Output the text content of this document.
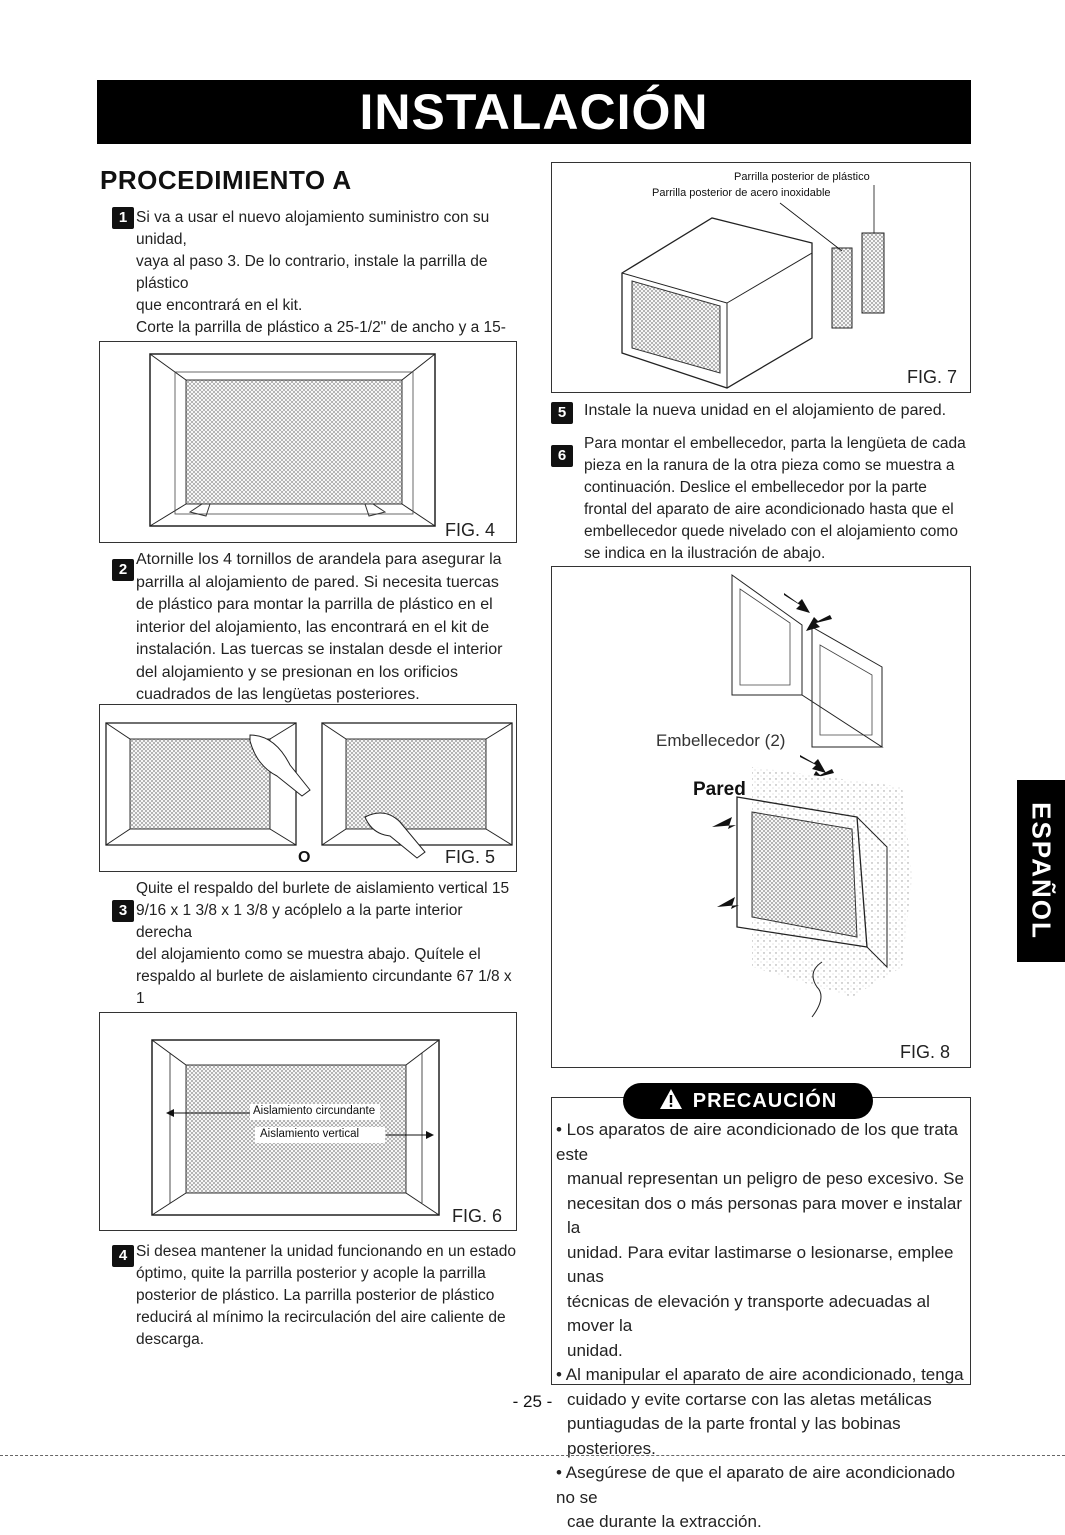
INSTALACIÓN
PROCEDIMIENTO A
1 Si va a usar el nuevo alojamiento suministro con su unidad,
vaya al paso 3. De lo contrario, instale la parrilla de plástico
que encontrará en el kit.
Corte la parrilla de plástico a 25-1/2" de ancho y a 15-
FIG. 4
2
Atornille los 4 tornillos de arandela para asegurar la
parrilla al alojamiento de pared. Si necesita tuercas
de plástico para montar la parrilla de plástico en el
interior del alojamiento, las encontrará en el kit de
instalación. Las tuercas se instalan desde el interior
del alojamiento y se presionan en los orificios
cuadrados de las lengüetas posteriores.
O	FIG. 5
3
Quite el respaldo del burlete de aislamiento vertical 15
9/16 x 1 3/8 x 1 3/8 y acóplelo a la parte interior derecha
del alojamiento como se muestra abajo. Quítele el
respaldo al burlete de aislamiento circundante 67 1/8 x 1
Aislamiento circundante
Aislamiento vertical
FIG. 6
4 Si desea mantener la unidad funcionando en un estado
óptimo, quite la parrilla posterior y acople la parrilla
posterior de plástico. La parrilla posterior de plástico
reducirá al mínimo la recirculación del aire caliente de
descarga.
Parrilla posterior de plástico
Parrilla posterior de acero inoxidable
FIG. 7
5	Instale la nueva unidad en el alojamiento de pared.
6
Para montar el embellecedor, parta la lengüeta de cada
pieza en la ranura de la otra pieza como se muestra a
continuación. Deslice el embellecedor por la parte
frontal del aparato de aire acondicionado hasta que el
embellecedor quede nivelado con el alojamiento como
se indica en la ilustración de abajo.
Embellecedor (2)
Pared
FIG. 8
PRECAUCIÓN
• Los aparatos de aire acondicionado de los que trata este
manual representan un peligro de peso excesivo. Se
necesitan dos o más personas para mover e instalar la
unidad. Para evitar lastimarse o lesionarse, emplee unas
técnicas de elevación y transporte adecuadas al mover la
unidad.
• Al manipular el aparato de aire acondicionado, tenga
cuidado y evite cortarse con las aletas metálicas
puntiagudas de la parte frontal y las bobinas posteriores.
• Asegúrese de que el aparato de aire acondicionado no se
cae durante la extracción.
ESPAÑOL
- 25 -
